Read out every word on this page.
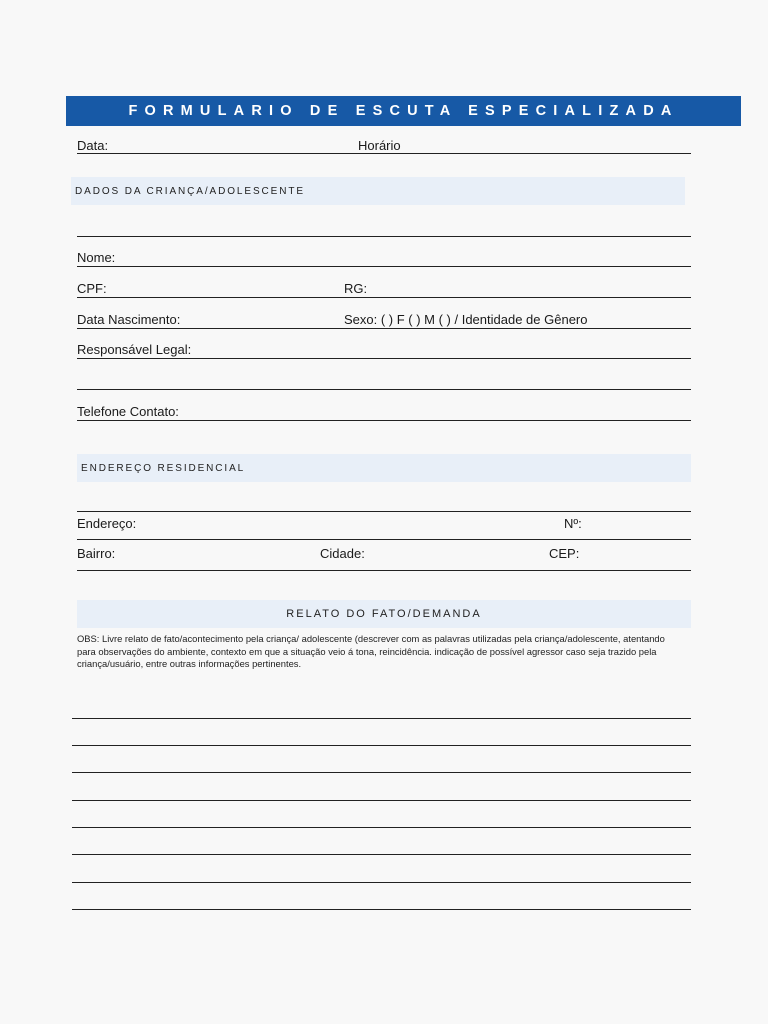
FORMULARIO DE ESCUTA ESPECIALIZADA
Data:	Horário
DADOS DA CRIANÇA/ADOLESCENTE
Nome:
CPF:	RG:
Data Nascimento:	Sexo: ( ) F ( ) M ( ) / Identidade de Gênero
Responsável Legal:
Telefone Contato:
ENDEREÇO RESIDENCIAL
Endereço:	Nº:
Bairro:	Cidade:	CEP:
RELATO DO FATO/DEMANDA
OBS: Livre relato de fato/acontecimento pela criança/ adolescente (descrever com as palavras utilizadas pela criança/adolescente, atentando para observações do ambiente, contexto em que a situação veio á tona, reincidência. indicação de possível agressor caso seja trazido pela criança/usuário, entre outras informações pertinentes.
